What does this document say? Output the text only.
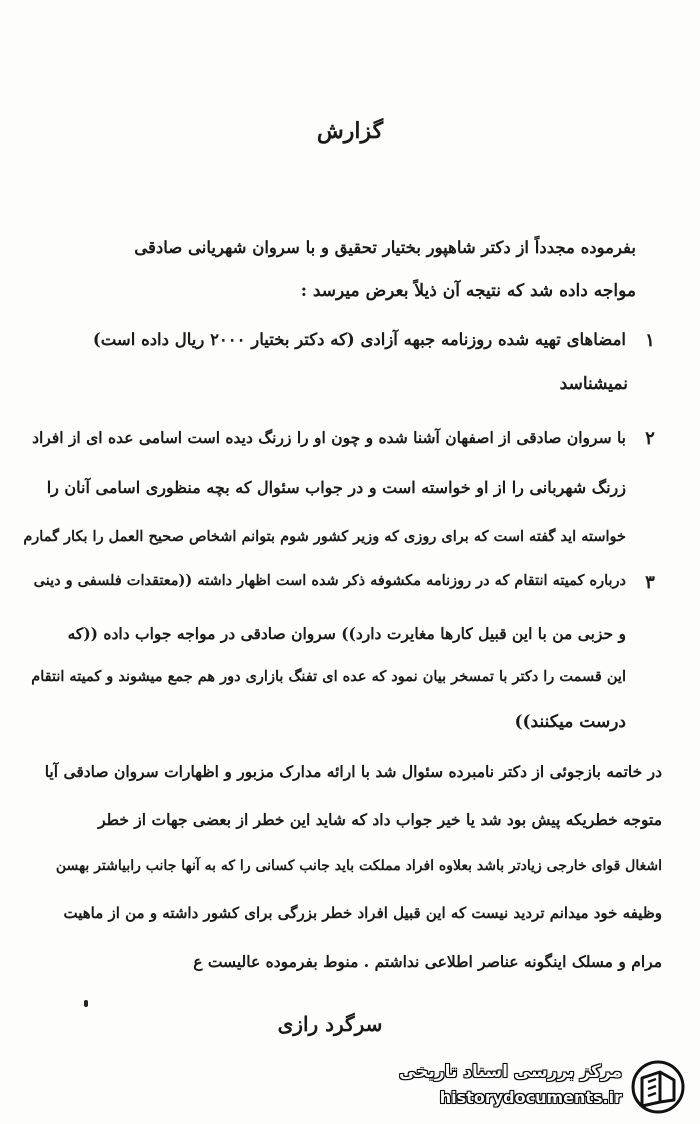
گزارش
بفرموده مجدداً از دکتر شاهپور بختیار تحقیق و با سروان شهریانی صادقی
مواجه داده شد که نتیجه آن ذیلاً بعرض میرسد :
۱
امضاهای تهیه شده روزنامه جبهه آزادی (که دکتر بختیار ۲۰۰۰ ریال داده است)
نمیشناسد
۲
با سروان صادقی از اصفهان آشنا شده و چون او را زرنگ دیده است اسامی عده ای از افراد
زرنگ شهربانی را از او خواسته است و در جواب سئوال که بچه منظوری اسامی آنان را
خواسته اید گفته است که برای روزی که وزیر کشور شوم بتوانم اشخاص صحیح العمل را بکار گمارم
۳
درباره کمیته انتقام که در روزنامه مکشوفه ذکر شده است اظهار داشته ((معتقدات فلسفی و دینی
و حزبی من با این قبیل کارها مغایرت دارد)) سروان صادقی در مواجه جواب داده ((که
این قسمت را دکتر با تمسخر بیان نمود که عده ای تفنگ بازاری دور هم جمع میشوند و کمیته انتقام
درست میکنند))
در خاتمه بازجوئی از دکتر نامبرده سئوال شد با ارائه مدارک مزبور و اظهارات سروان صادقی آیا
متوجه خطریکه پیش بود شد یا خیر جواب داد که شاید این خطر از بعضی جهات از خطر
اشغال قوای خارجی زیادتر باشد بعلاوه افراد مملکت باید جانب کسانی را که به آنها جانب رابیاشتر بهسن
وظیفه خود میدانم تردید نیست که این قبیل افراد خطر بزرگی برای کشور داشته و من از ماهیت
مرام و مسلک اینگونه عناصر اطلاعی نداشتم . منوط بفرموده عالیست ع
سرگرد رازی
مرکز بررسی اسناد تاریخی
historydocuments.ir
